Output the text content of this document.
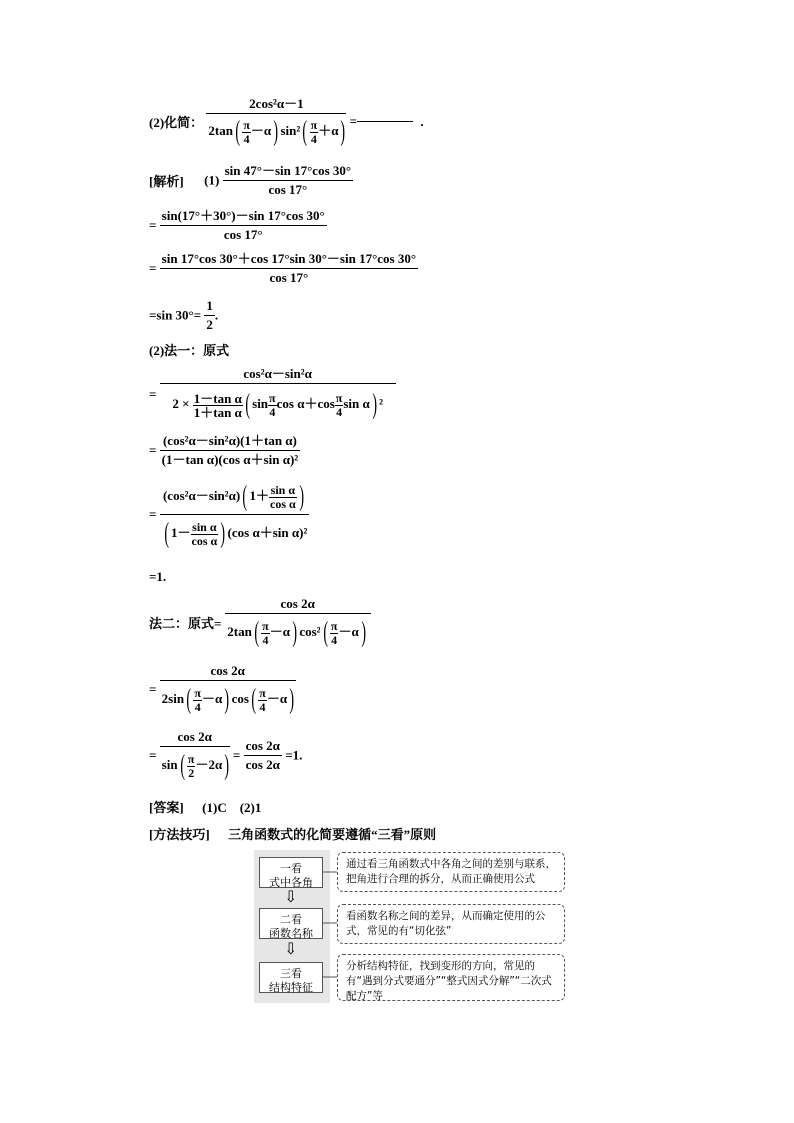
(2)化简： $\frac{\text{2cos²α－1}}{2\tan( \frac{\pi}{4} -\alpha) \sin^2( \frac{\pi}{4} +\alpha)}$ =	.
[解析] $(1) \frac{\sin 47^\circ-\sin 17^\circ\cos 30^\circ}{\cos 17^\circ}$
= $\frac{\sin(17^\circ+30^\circ)-\sin 17^\circ\cos 30^\circ}{\cos 17^\circ}$
= $\frac{\sin 17^\circ\cos 30^\circ+\cos 17^\circ\sin 30^\circ-\sin 17^\circ\cos 30^\circ}{\cos 17^\circ}$
=sin $30^\circ= \frac{1}{2}$ .
(2)法一：原式
= $\frac{\text{cos²α－sin²α}}{2 \times \frac{\text{1－tan α}}{\text{1＋tan α}} ( \sin \frac{\pi}{4} \cos \alpha+\cos \frac{\pi}{4} \sin \alpha) ^2}$
= $\frac{\text{(cos²α－sin²α)(1＋tan α)}}{\text{(1－tan α)(cos α＋sin α)²}}$
= $\frac{(\cos^2\alpha-\sin^2\alpha)( 1+ \frac{\text{sin α}}{\text{cos α}} )}{( 1- \frac{\text{sin α}}{\text{cos α}} ) (\cos \alpha+\sin \alpha)^2}$
=1.
法二：原式= $\frac{\cos 2\alpha}{2\tan( \frac{\pi}{4} -\alpha) \cos^2( \frac{\pi}{4} -\alpha)}$
= $\frac{\cos 2\alpha}{2\sin( \frac{\pi}{4} -\alpha) \cos( \frac{\pi}{4} -\alpha)}$
= $\frac{\cos 2\alpha}{\sin( \frac{\pi}{2} -2\alpha)} = \frac{\cos 2\alpha}{\cos 2\alpha} =1$.
[答案] (1)C　(2)1
[方法技巧] 三角函数式的化简要遵循“三看”原则
一看
式中各角
⇩
二看
函数名称
⇩
三看
结构特征
通过看三角函数式中各角之间的差别与联系，把角进行合理的拆分，从而正确使用公式
看函数名称之间的差异，从而确定使用的公式，常见的有“切化弦”
分析结构特征，找到变形的方向，常见的有“遇到分式要通分”“整式因式分解”“二次式配方”等
